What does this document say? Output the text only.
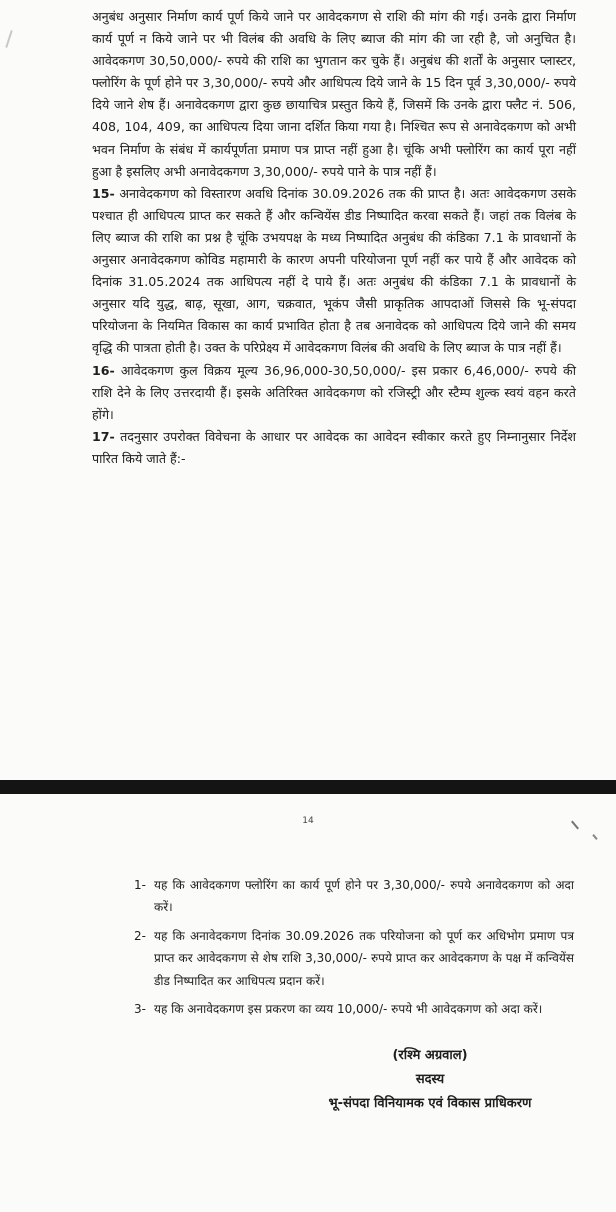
अनुबंध अनुसार निर्माण कार्य पूर्ण किये जाने पर आवेदकगण से राशि की मांग की गई। उनके द्वारा निर्माण कार्य पूर्ण न किये जाने पर भी विलंब की अवधि के लिए ब्याज की मांग की जा रही है, जो अनुचित है। आवेदकगण 30,50,000/- रुपये की राशि का भुगतान कर चुके हैं। अनुबंध की शर्तों के अनुसार प्लास्टर, फ्लोरिंग के पूर्ण होने पर 3,30,000/- रुपये और आधिपत्य दिये जाने के 15 दिन पूर्व 3,30,000/- रुपये दिये जाने शेष हैं। अनावेदकगण द्वारा कुछ छायाचित्र प्रस्तुत किये हैं, जिसमें कि उनके द्वारा फ्लैट नं. 506, 408, 104, 409, का आधिपत्य दिया जाना दर्शित किया गया है। निश्चित रूप से अनावेदकगण को अभी भवन निर्माण के संबंध में कार्यपूर्णता प्रमाण पत्र प्राप्त नहीं हुआ है। चूंकि अभी फ्लोरिंग का कार्य पूरा नहीं हुआ है इसलिए अभी अनावेदकगण 3,30,000/- रुपये पाने के पात्र नहीं हैं।

15- अनावेदकगण को विस्तारण अवधि दिनांक 30.09.2026 तक की प्राप्त है। अतः आवेदकगण उसके पश्चात ही आधिपत्य प्राप्त कर सकते हैं और कन्वियेंस डीड निष्पादित करवा सकते हैं। जहां तक विलंब के लिए ब्याज की राशि का प्रश्न है चूंकि उभयपक्ष के मध्य निष्पादित अनुबंध की कंडिका 7.1 के प्रावधानों के अनुसार अनावेदकगण कोविड महामारी के कारण अपनी परियोजना पूर्ण नहीं कर पाये हैं और आवेदक को दिनांक 31.05.2024 तक आधिपत्य नहीं दे पाये हैं। अतः अनुबंध की कंडिका 7.1 के प्रावधानों के अनुसार यदि युद्ध, बाढ़, सूखा, आग, चक्रवात, भूकंप जैसी प्राकृतिक आपदाओं जिससे कि भू-संपदा परियोजना के नियमित विकास का कार्य प्रभावित होता है तब अनावेदक को आधिपत्य दिये जाने की समय वृद्धि की पात्रता होती है। उक्त के परिप्रेक्ष्य में आवेदकगण विलंब की अवधि के लिए ब्याज के पात्र नहीं हैं।

16- आवेदकगण कुल विक्रय मूल्य 36,96,000-30,50,000/- इस प्रकार 6,46,000/- रुपये की राशि देने के लिए उत्तरदायी हैं। इसके अतिरिक्त आवेदकगण को रजिस्ट्री और स्टैम्प शुल्क स्वयं वहन करते होंगे।

17- तदनुसार उपरोक्त विवेचना के आधार पर आवेदक का आवेदन स्वीकार करते हुए निम्नानुसार निर्देश पारित किये जाते हैं:-

14
1- यह कि आवेदकगण फ्लोरिंग का कार्य पूर्ण होने पर 3,30,000/- रुपये अनावेदकगण को अदा करें।
2- यह कि अनावेदकगण दिनांक 30.09.2026 तक परियोजना को पूर्ण कर अधिभोग प्रमाण पत्र प्राप्त कर आवेदकगण से शेष राशि 3,30,000/- रुपये प्राप्त कर आवेदकगण के पक्ष में कन्वियेंस डीड निष्पादित कर आधिपत्य प्रदान करें।
3- यह कि अनावेदकगण इस प्रकरण का व्यय 10,000/- रुपये भी आवेदकगण को अदा करें।
(रश्मि अग्रवाल)
सदस्य
भू-संपदा विनियामक एवं विकास प्राधिकरण
